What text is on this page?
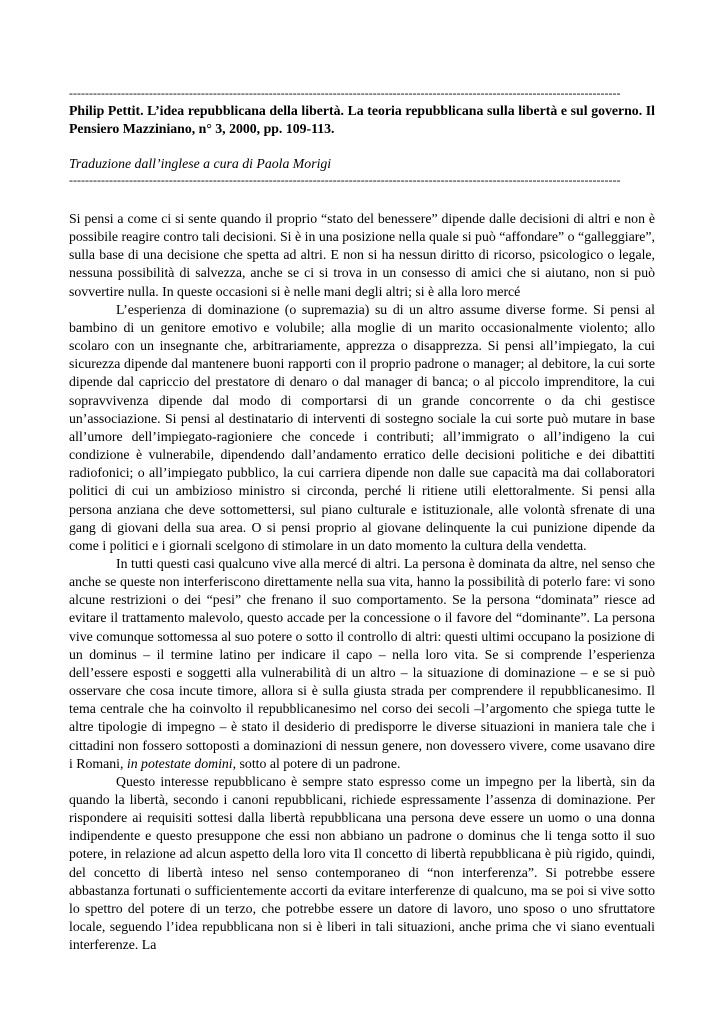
------------------------------------------------------------------------------------------------------------------------------------------
Philip Pettit. L’idea repubblicana della libertà. La teoria repubblicana sulla libertà e sul governo. Il Pensiero Mazziniano, n° 3, 2000, pp. 109-113.
Traduzione dall’inglese a cura di Paola Morigi
------------------------------------------------------------------------------------------------------------------------------------------

Si pensi a come ci si sente quando il proprio “stato del benessere” dipende dalle decisioni di altri e non è possibile reagire contro tali decisioni. Si è in una posizione nella quale si può “affondare” o “galleggiare”, sulla base di una decisione che spetta ad altri. E non si ha nessun diritto di ricorso, psicologico o legale, nessuna possibilità di salvezza, anche se ci si trova in un consesso di amici che si aiutano, non si può sovvertire nulla. In queste occasioni si è nelle mani degli altri; si è alla loro mercé

L’esperienza di dominazione (o supremazia) su di un altro assume diverse forme. Si pensi al bambino di un genitore emotivo e volubile; alla moglie di un marito occasionalmente violento; allo scolaro con un insegnante che, arbitrariamente, apprezza o disapprezza. Si pensi all’impiegato, la cui sicurezza dipende dal mantenere buoni rapporti con il proprio padrone o manager; al debitore, la cui sorte dipende dal capriccio del prestatore di denaro o dal manager di banca; o al piccolo imprenditore, la cui sopravvivenza dipende dal modo di comportarsi di un grande concorrente o da chi gestisce un’associazione. Si pensi al destinatario di interventi di sostegno sociale la cui sorte può mutare in base all’umore dell’impiegato-ragioniere che concede i contributi; all’immigrato o all’indigeno la cui condizione è vulnerabile, dipendendo dall’andamento erratico delle decisioni politiche e dei dibattiti radiofonici; o all’impiegato pubblico, la cui carriera dipende non dalle sue capacità ma dai collaboratori politici di cui un ambizioso ministro si circonda, perché li ritiene utili elettoralmente. Si pensi alla persona anziana che deve sottomettersi, sul piano culturale e istituzionale, alle volontà sfrenate di una gang di giovani della sua area. O si pensi proprio al giovane delinquente la cui punizione dipende da come i politici e i giornali scelgono di stimolare in un dato momento la cultura della vendetta.

In tutti questi casi qualcuno vive alla mercé di altri. La persona è dominata da altre, nel senso che anche se queste non interferiscono direttamente nella sua vita, hanno la possibilità di poterlo fare: vi sono alcune restrizioni o dei “pesi” che frenano il suo comportamento. Se la persona “dominata” riesce ad evitare il trattamento malevolo, questo accade per la concessione o il favore del “dominante”. La persona vive comunque sottomessa al suo potere o sotto il controllo di altri: questi ultimi occupano la posizione di un dominus – il termine latino per indicare il capo – nella loro vita. Se si comprende l’esperienza dell’essere esposti e soggetti alla vulnerabilità di un altro – la situazione di dominazione – e se si può osservare che cosa incute timore, allora si è sulla giusta strada per comprendere il repubblicanesimo. Il tema centrale che ha coinvolto il repubblicanesimo nel corso dei secoli –l’argomento che spiega tutte le altre tipologie di impegno – è stato il desiderio di predisporre le diverse situazioni in maniera tale che i cittadini non fossero sottoposti a dominazioni di nessun genere, non dovessero vivere, come usavano dire i Romani, in potestate domini, sotto al potere di un padrone.

Questo interesse repubblicano è sempre stato espresso come un impegno per la libertà, sin da quando la libertà, secondo i canoni repubblicani, richiede espressamente l’assenza di dominazione. Per rispondere ai requisiti sottesi dalla libertà repubblicana una persona deve essere un uomo o una donna indipendente e questo presuppone che essi non abbiano un padrone o dominus che li tenga sotto il suo potere, in relazione ad alcun aspetto della loro vita Il concetto di libertà repubblicana è più rigido, quindi, del concetto di libertà inteso nel senso contemporaneo di “non interferenza”. Si potrebbe essere abbastanza fortunati o sufficientemente accorti da evitare interferenze di qualcuno, ma se poi si vive sotto lo spettro del potere di un terzo, che potrebbe essere un datore di lavoro, uno sposo o uno sfruttatore locale, seguendo l’idea repubblicana non si è liberi in tali situazioni, anche prima che vi siano eventuali interferenze. La
